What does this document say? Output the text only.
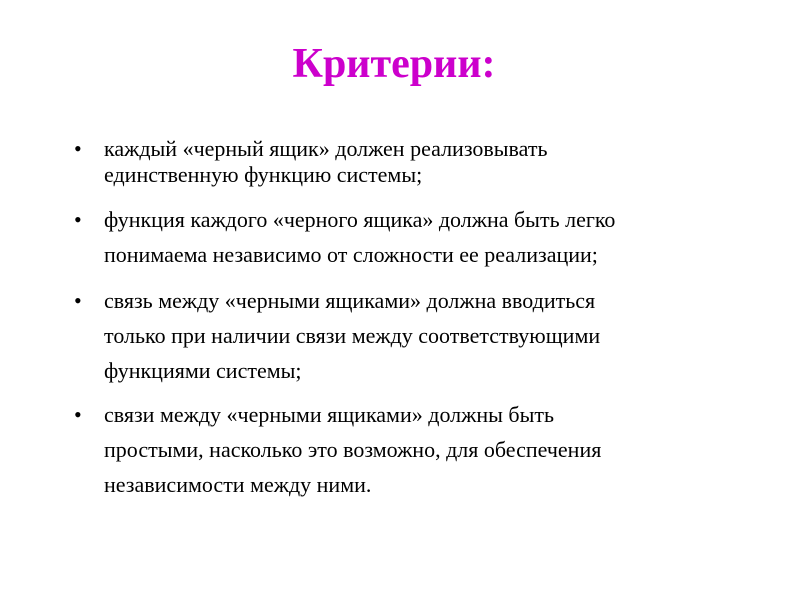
Критерии:
•	каждый «черный ящик» должен реализовывать
единственную функцию системы;
•	функция каждого «черного ящика» должна быть легко
понимаема независимо от сложности ее реализации;
•	связь между «черными ящиками» должна вводиться
только при наличии связи между соответствующими
функциями системы;
•	связи между «черными ящиками» должны быть
простыми, насколько это возможно, для обеспечения
независимости между ними.
